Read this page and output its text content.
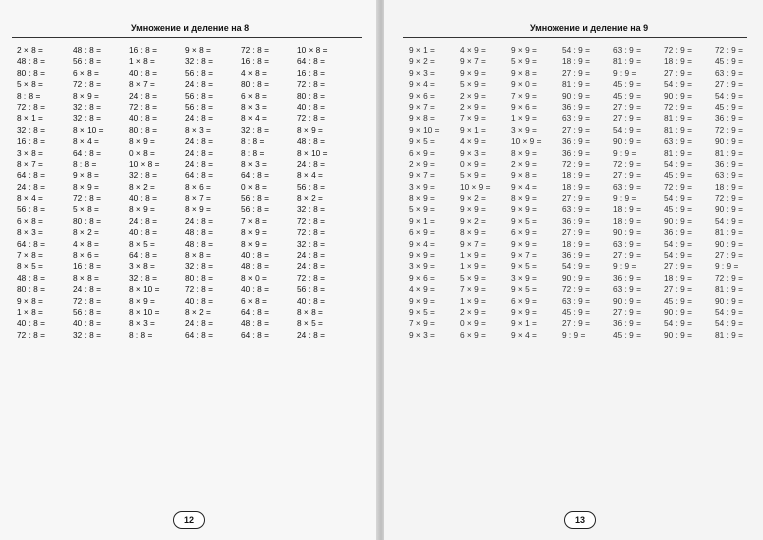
Умножение и деление на 8
2 × 8 =
48 : 8 =
80 : 8 =
5 × 8 =
8 : 8 =
72 : 8 =
8 × 1 =
32 : 8 =
16 : 8 =
3 × 8 =
8 × 7 =
64 : 8 =
24 : 8 =
8 × 4 =
56 : 8 =
6 × 8 =
8 × 3 =
64 : 8 =
7 × 8 =
8 × 5 =
48 : 8 =
80 : 8 =
9 × 8 =
1 × 8 =
40 : 8 =
72 : 8 =
48 : 8 =
56 : 8 =
6 × 8 =
72 : 8 =
8 × 9 =
32 : 8 =
32 : 8 =
8 × 10 =
8 × 4 =
64 : 8 =
8 : 8 =
9 × 8 =
8 × 9 =
72 : 8 =
5 × 8 =
80 : 8 =
8 × 2 =
4 × 8 =
8 × 6 =
16 : 8 =
8 × 8 =
24 : 8 =
72 : 8 =
56 : 8 =
40 : 8 =
32 : 8 =
16 : 8 =
1 × 8 =
40 : 8 =
8 × 7 =
24 : 8 =
72 : 8 =
40 : 8 =
80 : 8 =
8 × 9 =
0 × 8 =
10 × 8 =
32 : 8 =
8 × 2 =
40 : 8 =
8 × 9 =
24 : 8 =
40 : 8 =
8 × 5 =
64 : 8 =
3 × 8 =
32 : 8 =
8 × 10 =
8 × 9 =
8 × 10 =
8 × 3 =
8 : 8 =
9 × 8 =
32 : 8 =
56 : 8 =
24 : 8 =
56 : 8 =
56 : 8 =
24 : 8 =
8 × 3 =
24 : 8 =
24 : 8 =
24 : 8 =
64 : 8 =
8 × 6 =
8 × 7 =
8 × 9 =
24 : 8 =
48 : 8 =
48 : 8 =
8 × 8 =
32 : 8 =
80 : 8 =
72 : 8 =
40 : 8 =
8 × 2 =
24 : 8 =
64 : 8 =
72 : 8 =
16 : 8 =
4 × 8 =
80 : 8 =
6 × 8 =
8 × 3 =
8 × 4 =
32 : 8 =
8 : 8 =
8 : 8 =
8 × 3 =
64 : 8 =
0 × 8 =
56 : 8 =
56 : 8 =
7 × 8 =
8 × 9 =
8 × 9 =
40 : 8 =
48 : 8 =
8 × 0 =
40 : 8 =
6 × 8 =
64 : 8 =
48 : 8 =
64 : 8 =
10 × 8 =
64 : 8 =
16 : 8 =
72 : 8 =
80 : 8 =
40 : 8 =
72 : 8 =
8 × 9 =
48 : 8 =
8 × 10 =
24 : 8 =
8 × 4 =
56 : 8 =
8 × 2 =
32 : 8 =
72 : 8 =
72 : 8 =
32 : 8 =
24 : 8 =
24 : 8 =
72 : 8 =
56 : 8 =
40 : 8 =
8 × 8 =
8 × 5 =
24 : 8 =
12
Умножение и деление на 9
9 × 1 =
9 × 2 =
9 × 3 =
9 × 4 =
9 × 6 =
9 × 7 =
9 × 8 =
9 × 10 =
9 × 5 =
6 × 9 =
2 × 9 =
9 × 7 =
3 × 9 =
8 × 9 =
5 × 9 =
9 × 1 =
6 × 9 =
9 × 4 =
9 × 9 =
3 × 9 =
9 × 6 =
4 × 9 =
9 × 9 =
9 × 5 =
7 × 9 =
9 × 3 =
4 × 9 =
9 × 7 =
9 × 9 =
5 × 9 =
2 × 9 =
2 × 9 =
7 × 9 =
9 × 1 =
4 × 9 =
9 × 3 =
0 × 9 =
5 × 9 =
10 × 9 =
9 × 2 =
9 × 9 =
9 × 2 =
8 × 9 =
9 × 7 =
1 × 9 =
1 × 9 =
5 × 9 =
7 × 9 =
1 × 9 =
2 × 9 =
0 × 9 =
6 × 9 =
9 × 9 =
5 × 9 =
9 × 8 =
9 × 0 =
7 × 9 =
9 × 6 =
1 × 9 =
3 × 9 =
10 × 9 =
8 × 9 =
2 × 9 =
9 × 8 =
9 × 4 =
8 × 9 =
9 × 9 =
9 × 5 =
6 × 9 =
9 × 9 =
9 × 7 =
9 × 5 =
3 × 9 =
9 × 5 =
6 × 9 =
9 × 9 =
9 × 1 =
9 × 4 =
54 : 9 =
18 : 9 =
27 : 9 =
81 : 9 =
90 : 9 =
36 : 9 =
63 : 9 =
27 : 9 =
36 : 9 =
36 : 9 =
72 : 9 =
18 : 9 =
18 : 9 =
27 : 9 =
63 : 9 =
36 : 9 =
27 : 9 =
18 : 9 =
36 : 9 =
54 : 9 =
90 : 9 =
72 : 9 =
63 : 9 =
45 : 9 =
27 : 9 =
9 : 9 =
63 : 9 =
81 : 9 =
9 : 9 =
45 : 9 =
45 : 9 =
27 : 9 =
27 : 9 =
54 : 9 =
90 : 9 =
9 : 9 =
72 : 9 =
27 : 9 =
63 : 9 =
9 : 9 =
18 : 9 =
18 : 9 =
90 : 9 =
63 : 9 =
27 : 9 =
9 : 9 =
36 : 9 =
63 : 9 =
90 : 9 =
27 : 9 =
36 : 9 =
45 : 9 =
72 : 9 =
18 : 9 =
27 : 9 =
54 : 9 =
90 : 9 =
72 : 9 =
81 : 9 =
81 : 9 =
63 : 9 =
81 : 9 =
54 : 9 =
45 : 9 =
72 : 9 =
54 : 9 =
45 : 9 =
90 : 9 =
36 : 9 =
54 : 9 =
54 : 9 =
27 : 9 =
18 : 9 =
27 : 9 =
45 : 9 =
90 : 9 =
54 : 9 =
90 : 9 =
72 : 9 =
45 : 9 =
63 : 9 =
27 : 9 =
54 : 9 =
45 : 9 =
36 : 9 =
72 : 9 =
90 : 9 =
81 : 9 =
36 : 9 =
63 : 9 =
18 : 9 =
72 : 9 =
90 : 9 =
54 : 9 =
81 : 9 =
90 : 9 =
27 : 9 =
9 : 9 =
72 : 9 =
81 : 9 =
90 : 9 =
54 : 9 =
54 : 9 =
81 : 9 =
13
